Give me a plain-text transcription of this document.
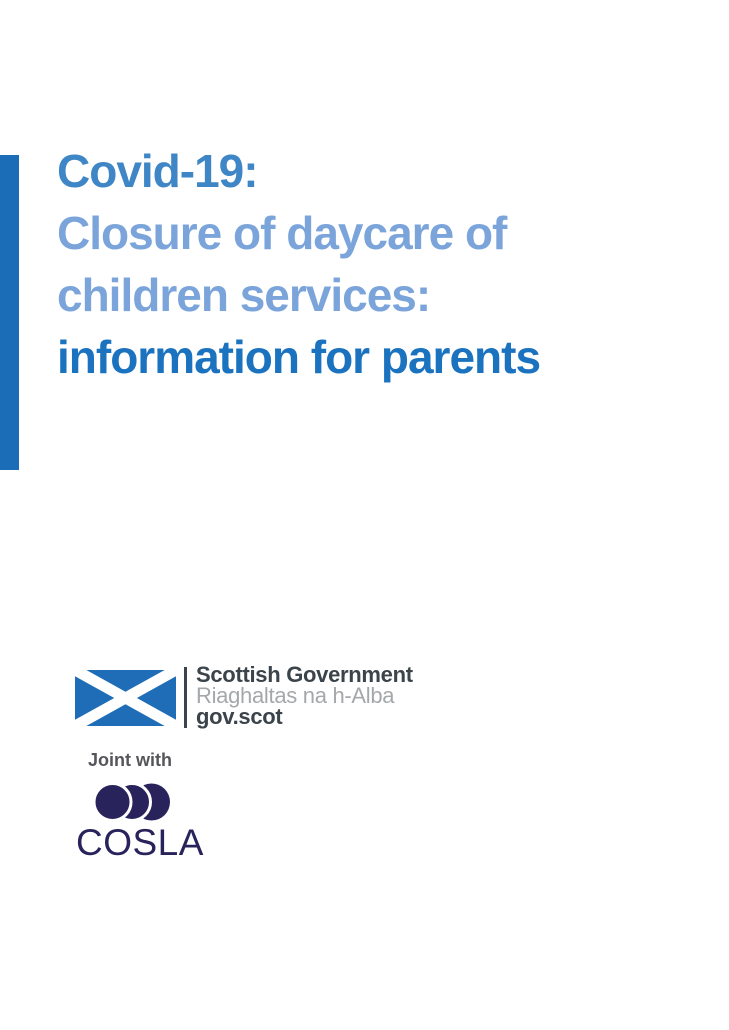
Covid-19:
Closure of daycare of
children services:
information for parents
Scottish Government
Riaghaltas na h-Alba
gov.scot
Joint with
COSLA
